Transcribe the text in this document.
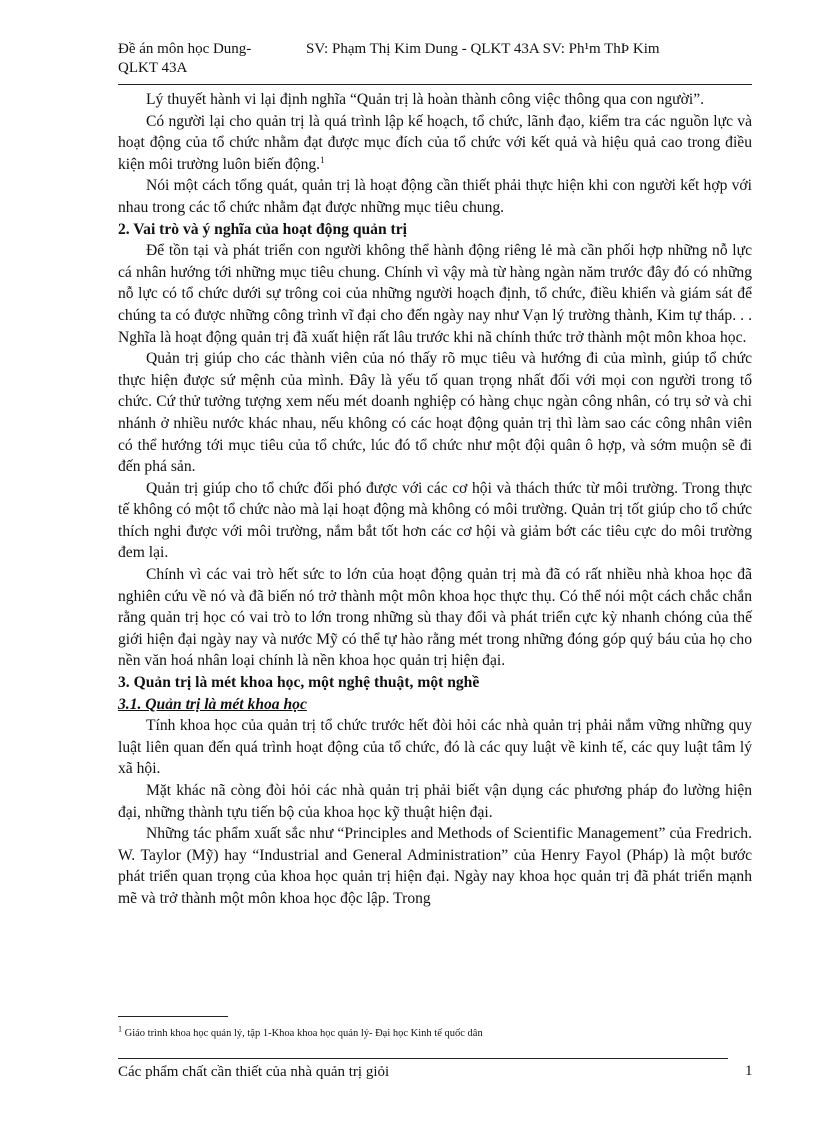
Đề án môn học Dung-QLKT 43A
SV: Phạm Thị Kim Dung - QLKT 43A SV: Ph¹m ThÞ Kim

Lý thuyết hành vi lại định nghĩa “Quản trị là hoàn thành công việc thông qua con người”.

Có người lại cho quản trị là quá trình lập kế hoạch, tổ chức, lãnh đạo, kiểm tra các nguồn lực và hoạt động của tổ chức nhằm đạt được mục đích của tổ chức với kết quả và hiệu quả cao trong điều kiện môi trường luôn biến động.$^1$

Nói một cách tổng quát, quản trị là hoạt động cần thiết phải thực hiện khi con người kết hợp với nhau trong các tổ chức nhằm đạt được những mục tiêu chung.

2. Vai trò và ý nghĩa của hoạt động quản trị

Để tồn tại và phát triển con người không thể hành động riêng lẻ mà cần phối hợp những nỗ lực cá nhân hướng tới những mục tiêu chung. Chính vì vậy mà từ hàng ngàn năm trước đây đó có những nỗ lực có tổ chức dưới sự trông coi của những người hoạch định, tổ chức, điều khiển và giám sát để chúng ta có được những công trình vĩ đại cho đến ngày nay như Vạn lý trường thành, Kim tự tháp. . . Nghĩa là hoạt động quản trị đã xuất hiện rất lâu trước khi nã chính thức trở thành một môn khoa học.

Quản trị giúp cho các thành viên của nó thấy rõ mục tiêu và hướng đi của mình, giúp tổ chức thực hiện được sứ mệnh của mình. Đây là yếu tố quan trọng nhất đối với mọi con người trong tổ chức. Cứ thử tưởng tượng xem nếu mét doanh nghiệp có hàng chục ngàn công nhân, có trụ sở và chi nhánh ở nhiều nước khác nhau, nếu không có các hoạt động quản trị thì làm sao các công nhân viên có thể hướng tới mục tiêu của tổ chức, lúc đó tổ chức như một đội quân ô hợp, và sớm muộn sẽ đi đến phá sản.

Quản trị giúp cho tổ chức đối phó được với các cơ hội và thách thức từ môi trường. Trong thực tế không có một tổ chức nào mà lại hoạt động mà không có môi trường. Quản trị tốt giúp cho tổ chức thích nghi được với môi trường, nắm bắt tốt hơn các cơ hội và giảm bớt các tiêu cực do môi trường đem lại.

Chính vì các vai trò hết sức to lớn của hoạt động quản trị mà đã có rất nhiều nhà khoa học đã nghiên cứu về nó và đã biến nó trở thành một môn khoa học thực thụ. Có thể nói một cách chắc chắn rằng quản trị học có vai trò to lớn trong những sù thay đổi và phát triển cực kỳ nhanh chóng của thế giới hiện đại ngày nay và nước Mỹ có thể tự hào rằng mét trong những đóng góp quý báu của họ cho nền văn hoá nhân loại chính là nền khoa học quản trị hiện đại.

3. Quản trị là mét khoa học, một nghệ thuật, một nghề

3.1. Quản trị là mét khoa học

Tính khoa học của quản trị tổ chức trước hết đòi hỏi các nhà quản trị phải nắm vững những quy luật liên quan đến quá trình hoạt động của tổ chức, đó là các quy luật về kinh tế, các quy luật tâm lý xã hội.

Mặt khác nã còng đòi hỏi các nhà quản trị phải biết vận dụng các phương pháp đo lường hiện đại, những thành tựu tiến bộ của khoa học kỹ thuật hiện đại.

Những tác phẩm xuất sắc như “Principles and Methods of Scientific Management” của Fredrich. W. Taylor (Mỹ) hay “Industrial and General Administration” của Henry Fayol (Pháp) là một bước phát triển quan trọng của khoa học quản trị hiện đại. Ngày nay khoa học quản trị đã phát triển mạnh mẽ và trở thành một môn khoa học độc lập. Trong

$^1$ Giáo trình khoa học quản lý, tập 1-Khoa khoa học quản lý- Đại học Kinh tế quốc dân
Các phẩm chất cần thiết của nhà quản trị giỏi	1
